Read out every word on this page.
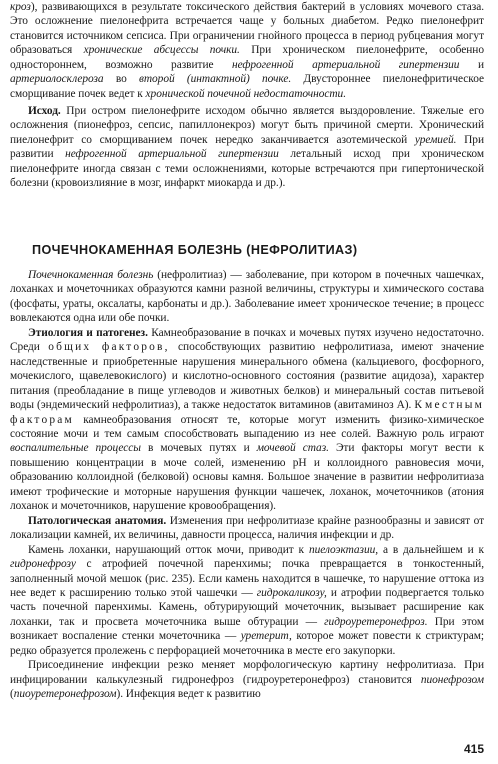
кроз), развивающихся в результате токсического действия бактерий в условиях мочевого стаза. Это осложнение пиелонефрита встречается чаще у больных диабетом. Редко пиелонефрит становится источником сепсиса. При ограничении гнойного процесса в период рубцевания могут образоваться хронические абсцессы почки. При хроническом пиелонефрите, особенно одностороннем, возможно развитие нефрогенной артериальной гипертензии и артериолосклероза во второй (интактной) почке. Двустороннее пиелонефритическое сморщивание почек ведет к хронической почечной недостаточности.

Исход. При остром пиелонефрите исходом обычно является выздоровление. Тяжелые его осложнения (пионефроз, сепсис, папиллонекроз) могут быть причиной смерти. Хронический пиелонефрит со сморщиванием почек нередко заканчивается азотемической уремией. При развитии нефрогенной артериальной гипертензии летальный исход при хроническом пиелонефрите иногда связан с теми осложнениями, которые встречаются при гипертонической болезни (кровоизлияние в мозг, инфаркт миокарда и др.).

ПОЧЕЧНОКАМЕННАЯ БОЛЕЗНЬ (НЕФРОЛИТИАЗ)

Почечнокаменная болезнь (нефролитиаз) — заболевание, при котором в почечных чашечках, лоханках и мочеточниках образуются камни разной величины, структуры и химического состава (фосфаты, ураты, оксалаты, карбонаты и др.). Заболевание имеет хроническое течение; в процесс вовлекаются одна или обе почки.

Этиология и патогенез. Камнеобразование в почках и мочевых путях изучено недостаточно. Среди общих факторов, способствующих развитию нефролитиаза, имеют значение наследственные и приобретенные нарушения минерального обмена (кальциевого, фосфорного, мочекислого, щавелевокислого) и кислотно-основного состояния (развитие ацидоза), характер питания (преобладание в пище углеводов и животных белков) и минеральный состав питьевой воды (эндемический нефролитиаз), а также недостаток витаминов (авитаминоз А). К местным факторам камнеобразования относят те, которые могут изменить физико-химическое состояние мочи и тем самым способствовать выпадению из нее солей. Важную роль играют воспалительные процессы в мочевых путях и мочевой стаз. Эти факторы могут вести к повышению концентрации в моче солей, изменению pH и коллоидного равновесия мочи, образованию коллоидной (белковой) основы камня. Большое значение в развитии нефролитиаза имеют трофические и моторные нарушения функции чашечек, лоханок, мочеточников (атония лоханок и мочеточников, нарушение кровообращения).

Патологическая анатомия. Изменения при нефролитиазе крайне разнообразны и зависят от локализации камней, их величины, давности процесса, наличия инфекции и др.

Камень лоханки, нарушающий отток мочи, приводит к пиелоэктазии, а в дальнейшем и к гидронефрозу с атрофией почечной паренхимы; почка превращается в тонкостенный, заполненный мочой мешок (рис. 235). Если камень находится в чашечке, то нарушение оттока из нее ведет к расширению только этой чашечки — гидрокаликозу, и атрофии подвергается только часть почечной паренхимы. Камень, обтурирующий мочеточник, вызывает расширение как лоханки, так и просвета мочеточника выше обтурации — гидроуретеронефроз. При этом возникает воспаление стенки мочеточника — уретерит, которое может повести к стриктурам; редко образуется пролежень с перфорацией мочеточника в месте его закупорки.

Присоединение инфекции резко меняет морфологическую картину нефролитиаза. При инфицировании калькулезный гидронефроз (гидроуретеронефроз) становится пионефрозом (пиоуретеронефрозом). Инфекция ведет к развитию

415
